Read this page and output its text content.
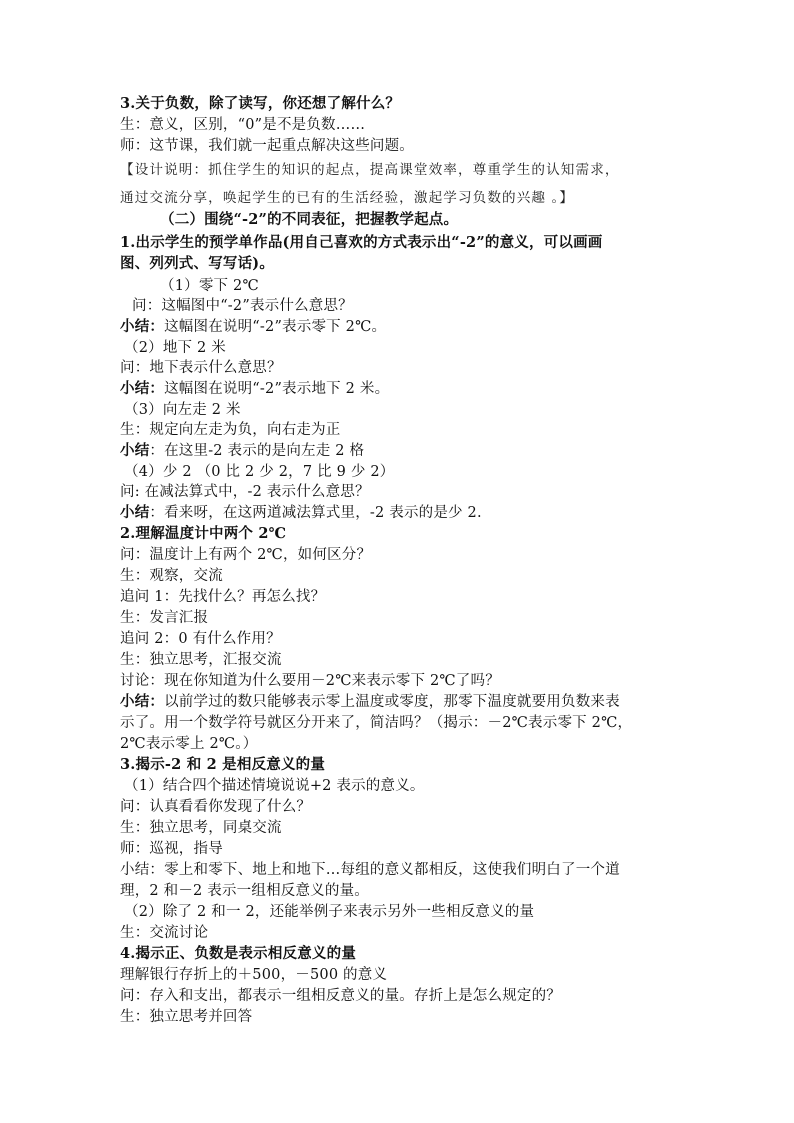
3.关于负数，除了读写，你还想了解什么？
生：意义，区别，“0”是不是负数……
师：这节课，我们就一起重点解决这些问题。
【设计说明：抓住学生的知识的起点，提高课堂效率，尊重学生的认知需求，
通过交流分享，唤起学生的已有的生活经验，激起学习负数的兴趣 。】
（二）围绕“-2”的不同表征，把握教学起点。
1.出示学生的预学单作品(用自己喜欢的方式表示出“-2”的意义，可以画画
图、列列式、写写话)。
（1）零下 2℃
问：这幅图中“-2”表示什么意思？
小结：这幅图在说明“-2”表示零下 2℃。
（2）地下 2 米
问：地下表示什么意思？
小结：这幅图在说明“-2”表示地下 2 米。
（3）向左走 2 米
生：规定向左走为负，向右走为正
小结：在这里-2 表示的是向左走 2 格
（4）少 2 （0 比 2 少 2，7 比 9 少 2）
问: 在减法算式中，-2 表示什么意思？
小结：看来呀，在这两道减法算式里，-2 表示的是少 2.
2.理解温度计中两个 2℃
问：温度计上有两个 2℃，如何区分？
生：观察，交流
追问 1：先找什么？再怎么找？
生：发言汇报
追问 2：0 有什么作用？
生：独立思考，汇报交流
讨论：现在你知道为什么要用－2℃来表示零下 2℃了吗？
小结：以前学过的数只能够表示零上温度或零度，那零下温度就要用负数来表
示了。用一个数学符号就区分开来了，简洁吗？（揭示：－2℃表示零下 2℃，
2℃表示零上 2℃。）
3.揭示-2 和 2 是相反意义的量
（1）结合四个描述情境说说+2 表示的意义。
问：认真看看你发现了什么？
生：独立思考，同桌交流
师：巡视，指导
小结：零上和零下、地上和地下…每组的意义都相反，这使我们明白了一个道
理，2 和－2 表示一组相反意义的量。
（2）除了 2 和一 2，还能举例子来表示另外一些相反意义的量
生：交流讨论
4.揭示正、负数是表示相反意义的量
理解银行存折上的＋500，－500 的意义
问：存入和支出，都表示一组相反意义的量。存折上是怎么规定的？
生：独立思考并回答
